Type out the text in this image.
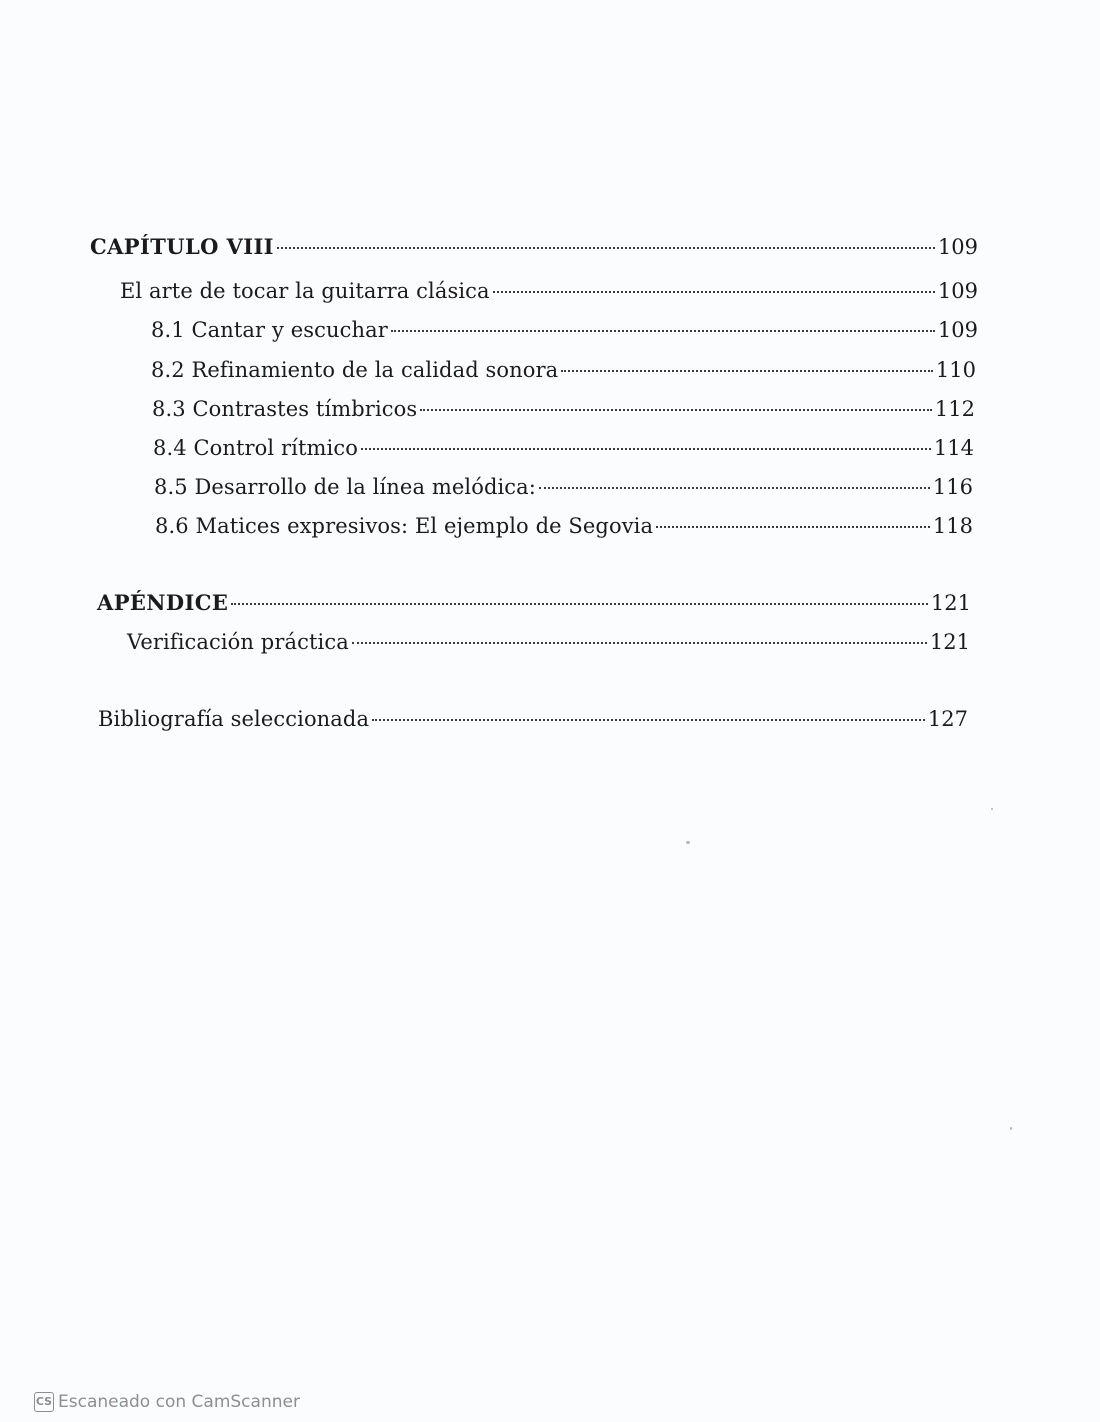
CAPÍTULO VIII	109
El arte de tocar la guitarra clásica	109
8.1 Cantar y escuchar	109
8.2 Refinamiento de la calidad sonora	110
8.3 Contrastes tímbricos	112
8.4 Control rítmico	114
8.5 Desarrollo de la línea melódica:	116
8.6 Matices expresivos: El ejemplo de Segovia	118
APÉNDICE	121
Verificación práctica	121
Bibliografía seleccionada	127
CS Escaneado con CamScanner
